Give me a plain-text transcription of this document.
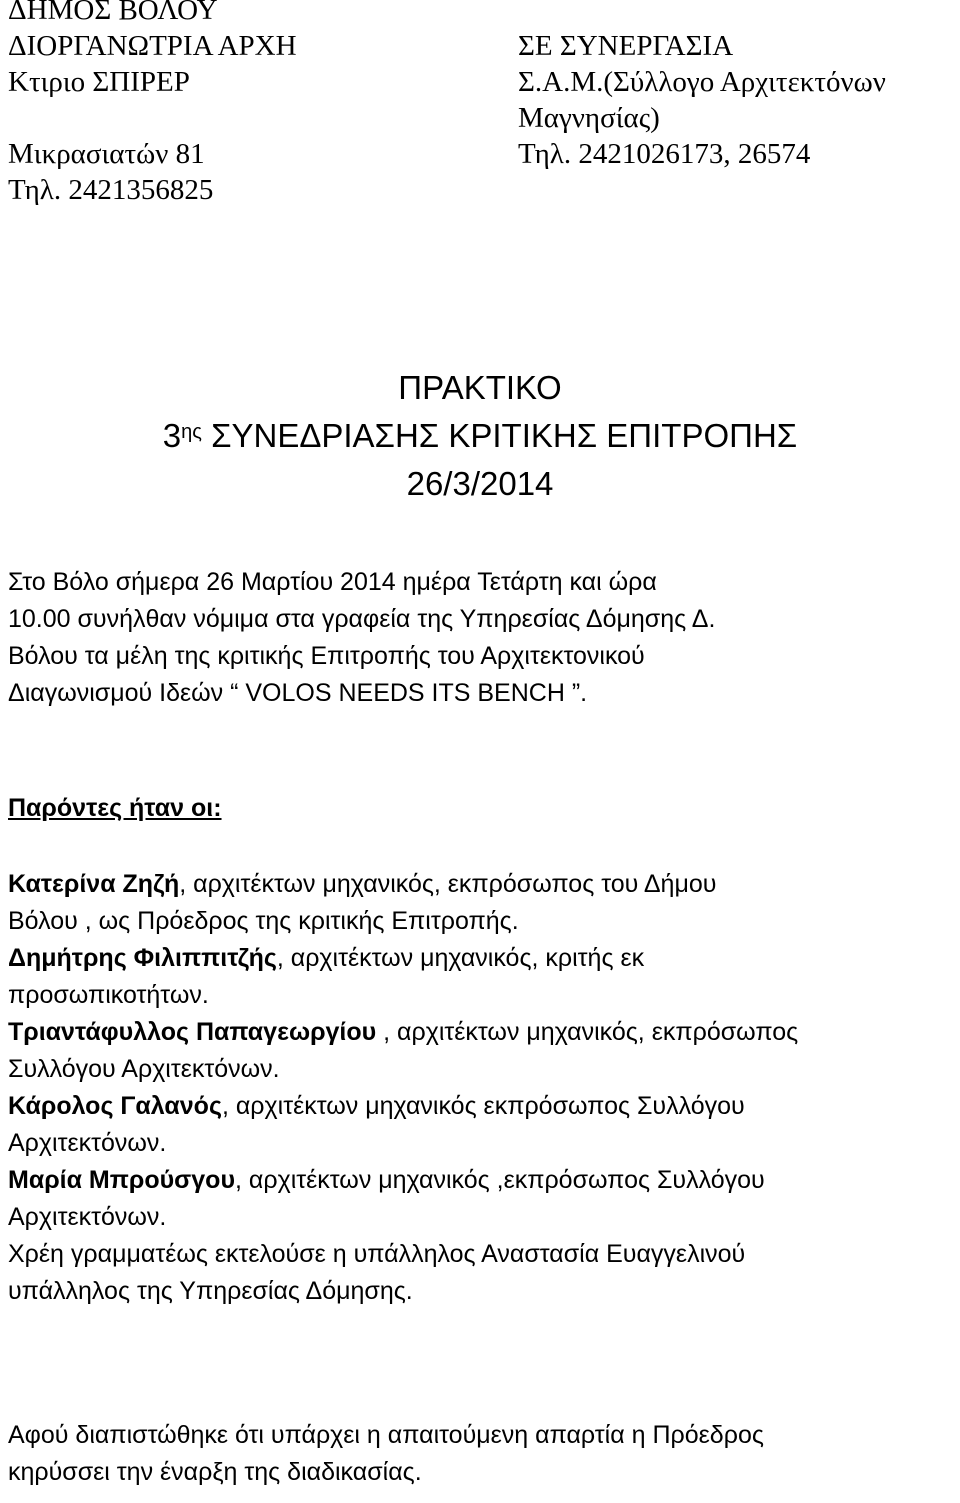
ΔΗΜΟΣ ΒΟΛΟΥ
ΔΙΟΡΓΑΝΩΤΡΙΑ ΑΡΧΗ
Κτιριο ΣΠΙΡΕΡ
Μικρασιατών 81
Τηλ. 2421356825
ΣΕ ΣΥΝΕΡΓΑΣΙΑ
Σ.Α.Μ.(Σύλλογο Αρχιτεκτόνων
Μαγνησίας)
Τηλ. 2421026173, 26574
ΠΡΑΚΤΙΚΟ
$3^{\eta\varsigma}$ ΣΥΝΕΔΡΙΑΣΗΣ ΚΡΙΤΙΚΗΣ ΕΠΙΤΡΟΠΗΣ
26/3/2014
Στο Βόλο σήμερα 26 Μαρτίου 2014 ημέρα Τετάρτη και ώρα
10.00 συνήλθαν νόμιμα στα γραφεία της Υπηρεσίας Δόμησης Δ.
Βόλου τα μέλη της κριτικής Επιτροπής του Αρχιτεκτονικού
Διαγωνισμού Ιδεών “ VOLOS NEEDS ITS BENCH ”.
Παρόντες ήταν οι:
Κατερίνα Ζηζή, αρχιτέκτων μηχανικός, εκπρόσωπος του Δήμου
Βόλου , ως Πρόεδρος της κριτικής Επιτροπής.
Δημήτρης Φιλιππιτζής, αρχιτέκτων μηχανικός, κριτής εκ
προσωπικοτήτων.
Τριαντάφυλλος Παπαγεωργίου , αρχιτέκτων μηχανικός, εκπρόσωπος
Συλλόγου Αρχιτεκτόνων.
Κάρολος Γαλανός, αρχιτέκτων μηχανικός εκπρόσωπος Συλλόγου
Αρχιτεκτόνων.
Μαρία Μπρούσγου, αρχιτέκτων μηχανικός ,εκπρόσωπος Συλλόγου
Αρχιτεκτόνων.
Χρέη γραμματέως εκτελούσε η υπάλληλος Αναστασία Ευαγγελινού
υπάλληλος της Υπηρεσίας Δόμησης.
Αφού διαπιστώθηκε ότι υπάρχει η απαιτούμενη απαρτία η Πρόεδρος
κηρύσσει την έναρξη της διαδικασίας.
